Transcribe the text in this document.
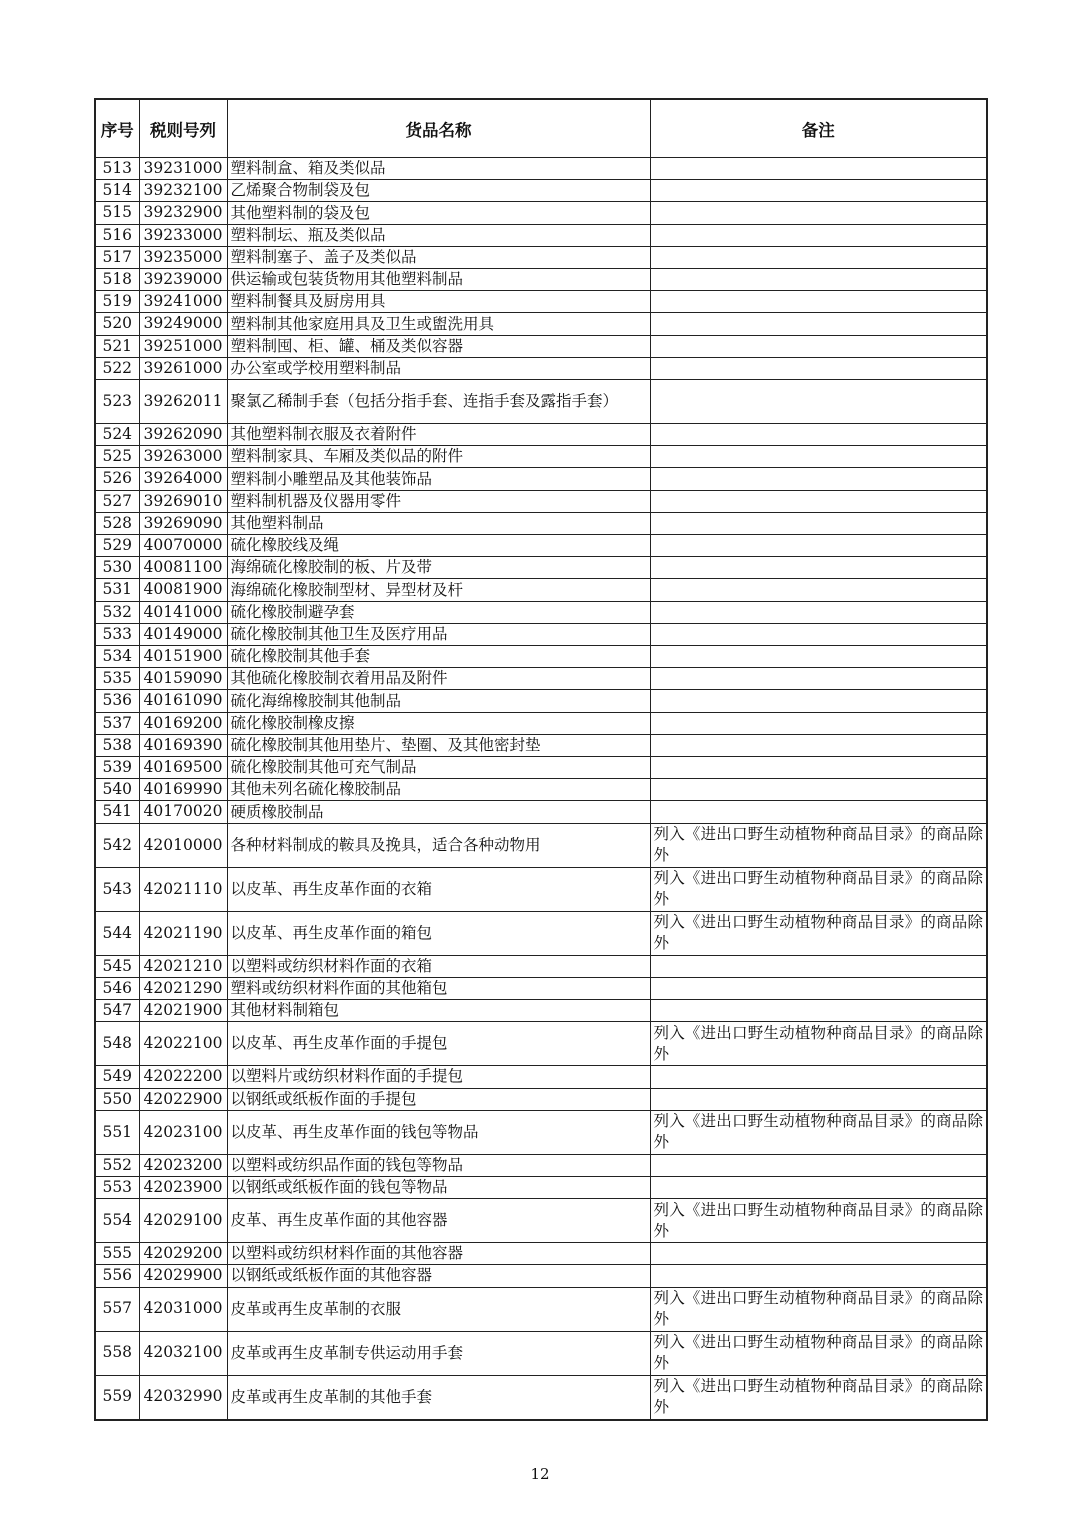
序号	税则号列	货品名称	备注
513	39231000	塑料制盒、箱及类似品	
514	39232100	乙烯聚合物制袋及包	
515	39232900	其他塑料制的袋及包	
516	39233000	塑料制坛、瓶及类似品	
517	39235000	塑料制塞子、盖子及类似品	
518	39239000	供运输或包装货物用其他塑料制品	
519	39241000	塑料制餐具及厨房用具	
520	39249000	塑料制其他家庭用具及卫生或盥洗用具	
521	39251000	塑料制囤、柜、罐、桶及类似容器	
522	39261000	办公室或学校用塑料制品	
523	39262011	聚氯乙稀制手套（包括分指手套、连指手套及露指手套）	
524	39262090	其他塑料制衣服及衣着附件	
525	39263000	塑料制家具、车厢及类似品的附件	
526	39264000	塑料制小雕塑品及其他装饰品	
527	39269010	塑料制机器及仪器用零件	
528	39269090	其他塑料制品	
529	40070000	硫化橡胶线及绳	
530	40081100	海绵硫化橡胶制的板、片及带	
531	40081900	海绵硫化橡胶制型材、异型材及杆	
532	40141000	硫化橡胶制避孕套	
533	40149000	硫化橡胶制其他卫生及医疗用品	
534	40151900	硫化橡胶制其他手套	
535	40159090	其他硫化橡胶制衣着用品及附件	
536	40161090	硫化海绵橡胶制其他制品	
537	40169200	硫化橡胶制橡皮擦	
538	40169390	硫化橡胶制其他用垫片、垫圈、及其他密封垫	
539	40169500	硫化橡胶制其他可充气制品	
540	40169990	其他未列名硫化橡胶制品	
541	40170020	硬质橡胶制品	
542	42010000	各种材料制成的鞍具及挽具，适合各种动物用	列入《进出口野生动植物种商品目录》的商品除外
543	42021110	以皮革、再生皮革作面的衣箱	列入《进出口野生动植物种商品目录》的商品除外
544	42021190	以皮革、再生皮革作面的箱包	列入《进出口野生动植物种商品目录》的商品除外
545	42021210	以塑料或纺织材料作面的衣箱	
546	42021290	塑料或纺织材料作面的其他箱包	
547	42021900	其他材料制箱包	
548	42022100	以皮革、再生皮革作面的手提包	列入《进出口野生动植物种商品目录》的商品除外
549	42022200	以塑料片或纺织材料作面的手提包	
550	42022900	以钢纸或纸板作面的手提包	
551	42023100	以皮革、再生皮革作面的钱包等物品	列入《进出口野生动植物种商品目录》的商品除外
552	42023200	以塑料或纺织品作面的钱包等物品	
553	42023900	以钢纸或纸板作面的钱包等物品	
554	42029100	皮革、再生皮革作面的其他容器	列入《进出口野生动植物种商品目录》的商品除外
555	42029200	以塑料或纺织材料作面的其他容器	
556	42029900	以钢纸或纸板作面的其他容器	
557	42031000	皮革或再生皮革制的衣服	列入《进出口野生动植物种商品目录》的商品除外
558	42032100	皮革或再生皮革制专供运动用手套	列入《进出口野生动植物种商品目录》的商品除外
559	42032990	皮革或再生皮革制的其他手套	列入《进出口野生动植物种商品目录》的商品除外
12
